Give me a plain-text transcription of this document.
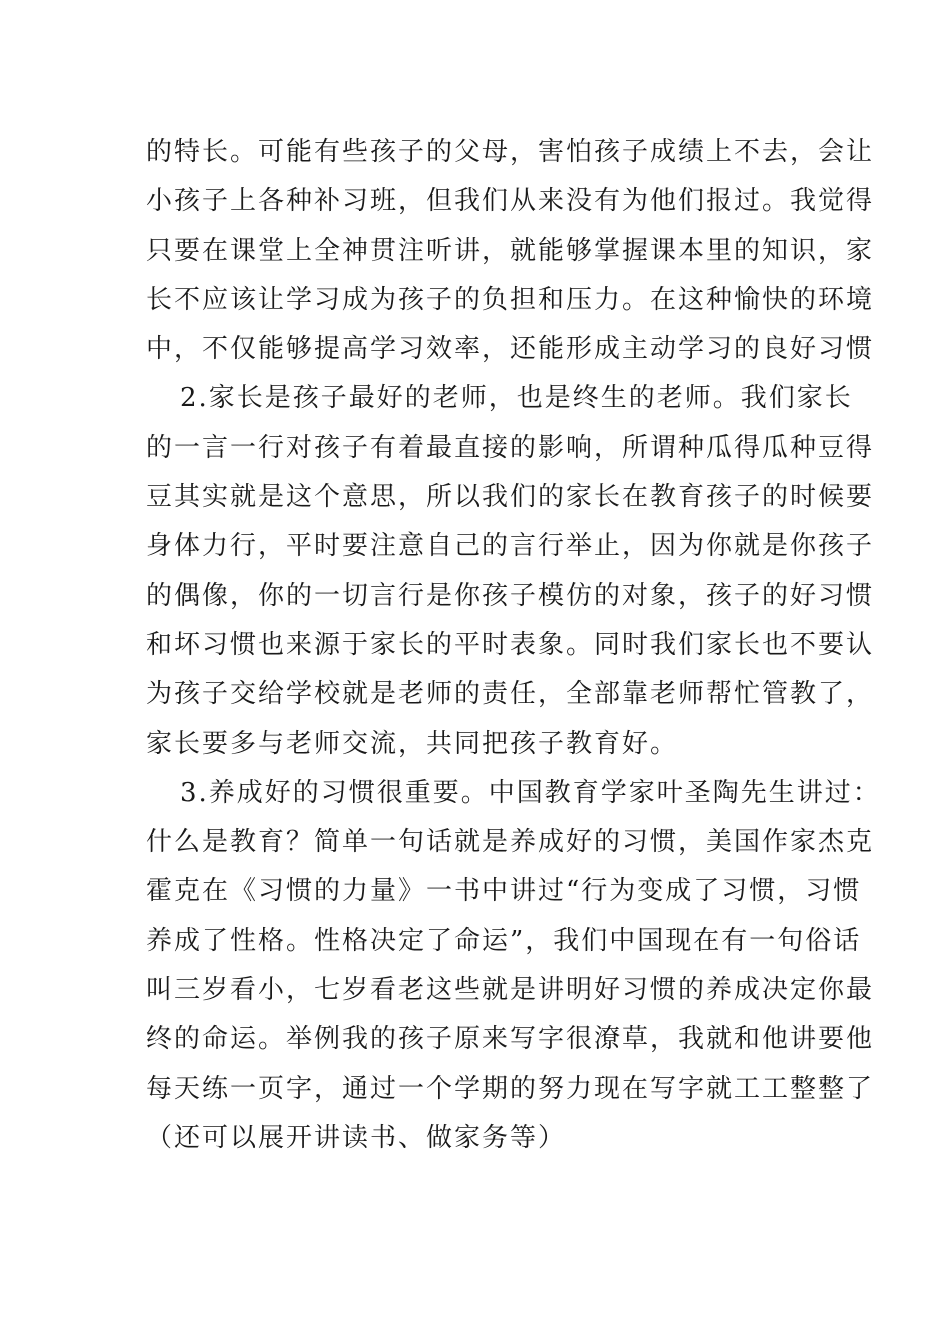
的特长。可能有些孩子的父母，害怕孩子成绩上不去，会让
小孩子上各种补习班，但我们从来没有为他们报过。我觉得
只要在课堂上全神贯注听讲，就能够掌握课本里的知识，家
长不应该让学习成为孩子的负担和压力。在这种愉快的环境
中，不仅能够提高学习效率，还能形成主动学习的良好习惯
2.家长是孩子最好的老师，也是终生的老师。我们家长
的一言一行对孩子有着最直接的影响，所谓种瓜得瓜种豆得
豆其实就是这个意思，所以我们的家长在教育孩子的时候要
身体力行，平时要注意自己的言行举止，因为你就是你孩子
的偶像，你的一切言行是你孩子模仿的对象，孩子的好习惯
和坏习惯也来源于家长的平时表象。同时我们家长也不要认
为孩子交给学校就是老师的责任，全部靠老师帮忙管教了，
家长要多与老师交流，共同把孩子教育好。
3.养成好的习惯很重要。中国教育学家叶圣陶先生讲过：
什么是教育？简单一句话就是养成好的习惯，美国作家杰克
霍克在《习惯的力量》一书中讲过“行为变成了习惯，习惯
养成了性格。性格决定了命运”，我们中国现在有一句俗话
叫三岁看小，七岁看老这些就是讲明好习惯的养成决定你最
终的命运。举例我的孩子原来写字很潦草，我就和他讲要他
每天练一页字，通过一个学期的努力现在写字就工工整整了
（还可以展开讲读书、做家务等）
